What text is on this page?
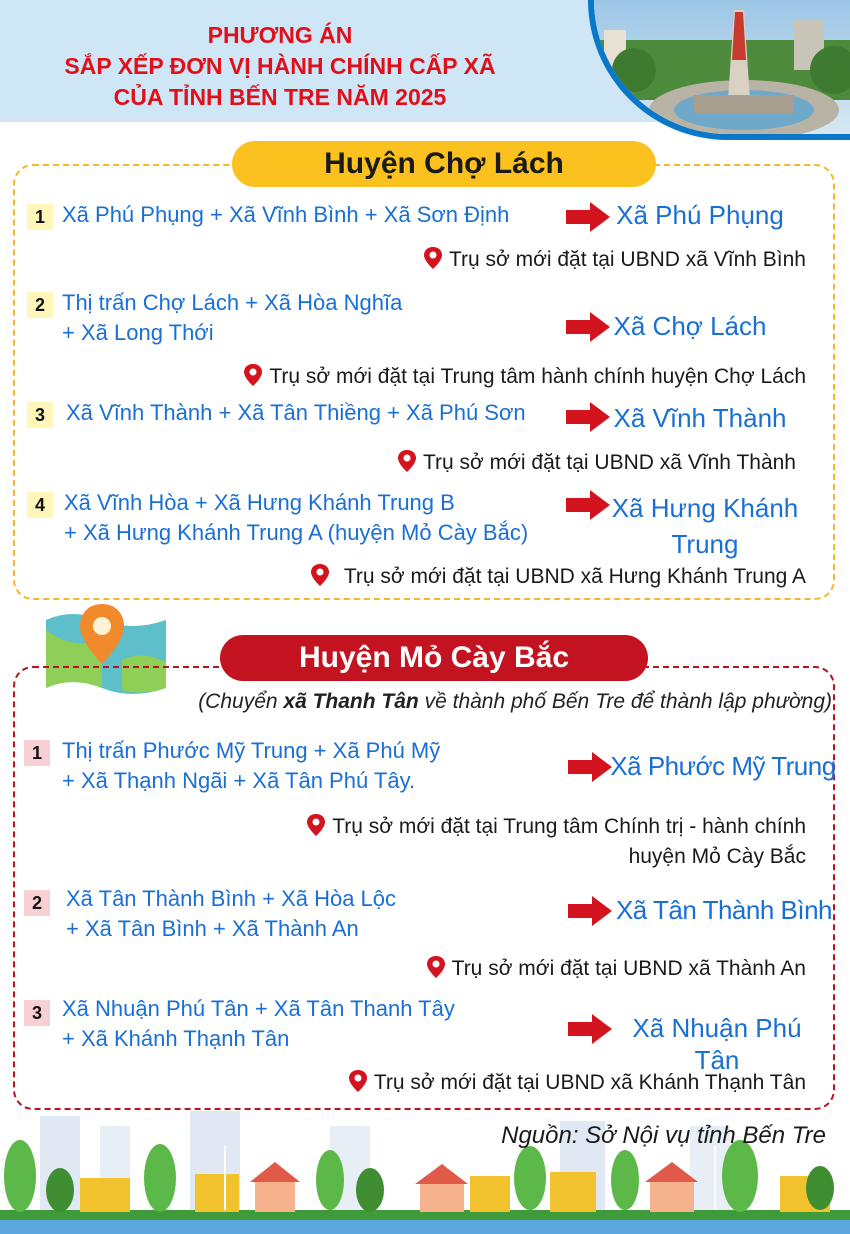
PHƯƠNG ÁN
SẮP XẾP ĐƠN VỊ HÀNH CHÍNH CẤP XÃ
CỦA TỈNH BẾN TRE NĂM 2025
Huyện Chợ Lách
1 Xã Phú Phụng + Xã Vĩnh Bình + Xã Sơn Định	Xã Phú Phụng
Trụ sở mới đặt tại UBND xã Vĩnh Bình
2 Thị trấn Chợ Lách + Xã Hòa Nghĩa
+ Xã Long Thới	Xã Chợ Lách
Trụ sở mới đặt tại Trung tâm hành chính huyện Chợ Lách
3 Xã Vĩnh Thành + Xã Tân Thiềng + Xã Phú Sơn	Xã Vĩnh Thành
Trụ sở mới đặt tại UBND xã Vĩnh Thành
4 Xã Vĩnh Hòa + Xã Hưng Khánh Trung B
+ Xã Hưng Khánh Trung A (huyện Mỏ Cày Bắc)
Xã Hưng Khánh
Trung
Trụ sở mới đặt tại UBND xã Hưng Khánh Trung A
Huyện Mỏ Cày Bắc
(Chuyển xã Thanh Tân về thành phố Bến Tre để thành lập phường)
1 Thị trấn Phước Mỹ Trung + Xã Phú Mỹ
+ Xã Thạnh Ngãi + Xã Tân Phú Tây.	Xã Phước Mỹ Trung
Trụ sở mới đặt tại Trung tâm Chính trị - hành chính
huyện Mỏ Cày Bắc
2	Xã Tân Thành Bình + Xã Hòa Lộc
+ Xã Tân Bình + Xã Thành An
Xã Tân Thành Bình
Trụ sở mới đặt tại UBND xã Thành An
3 Xã Nhuận Phú Tân + Xã Tân Thanh Tây
+ Xã Khánh Thạnh Tân	Xã Nhuận Phú Tân
Trụ sở mới đặt tại UBND xã Khánh Thạnh Tân
Nguồn: Sở Nội vụ tỉnh Bến Tre
